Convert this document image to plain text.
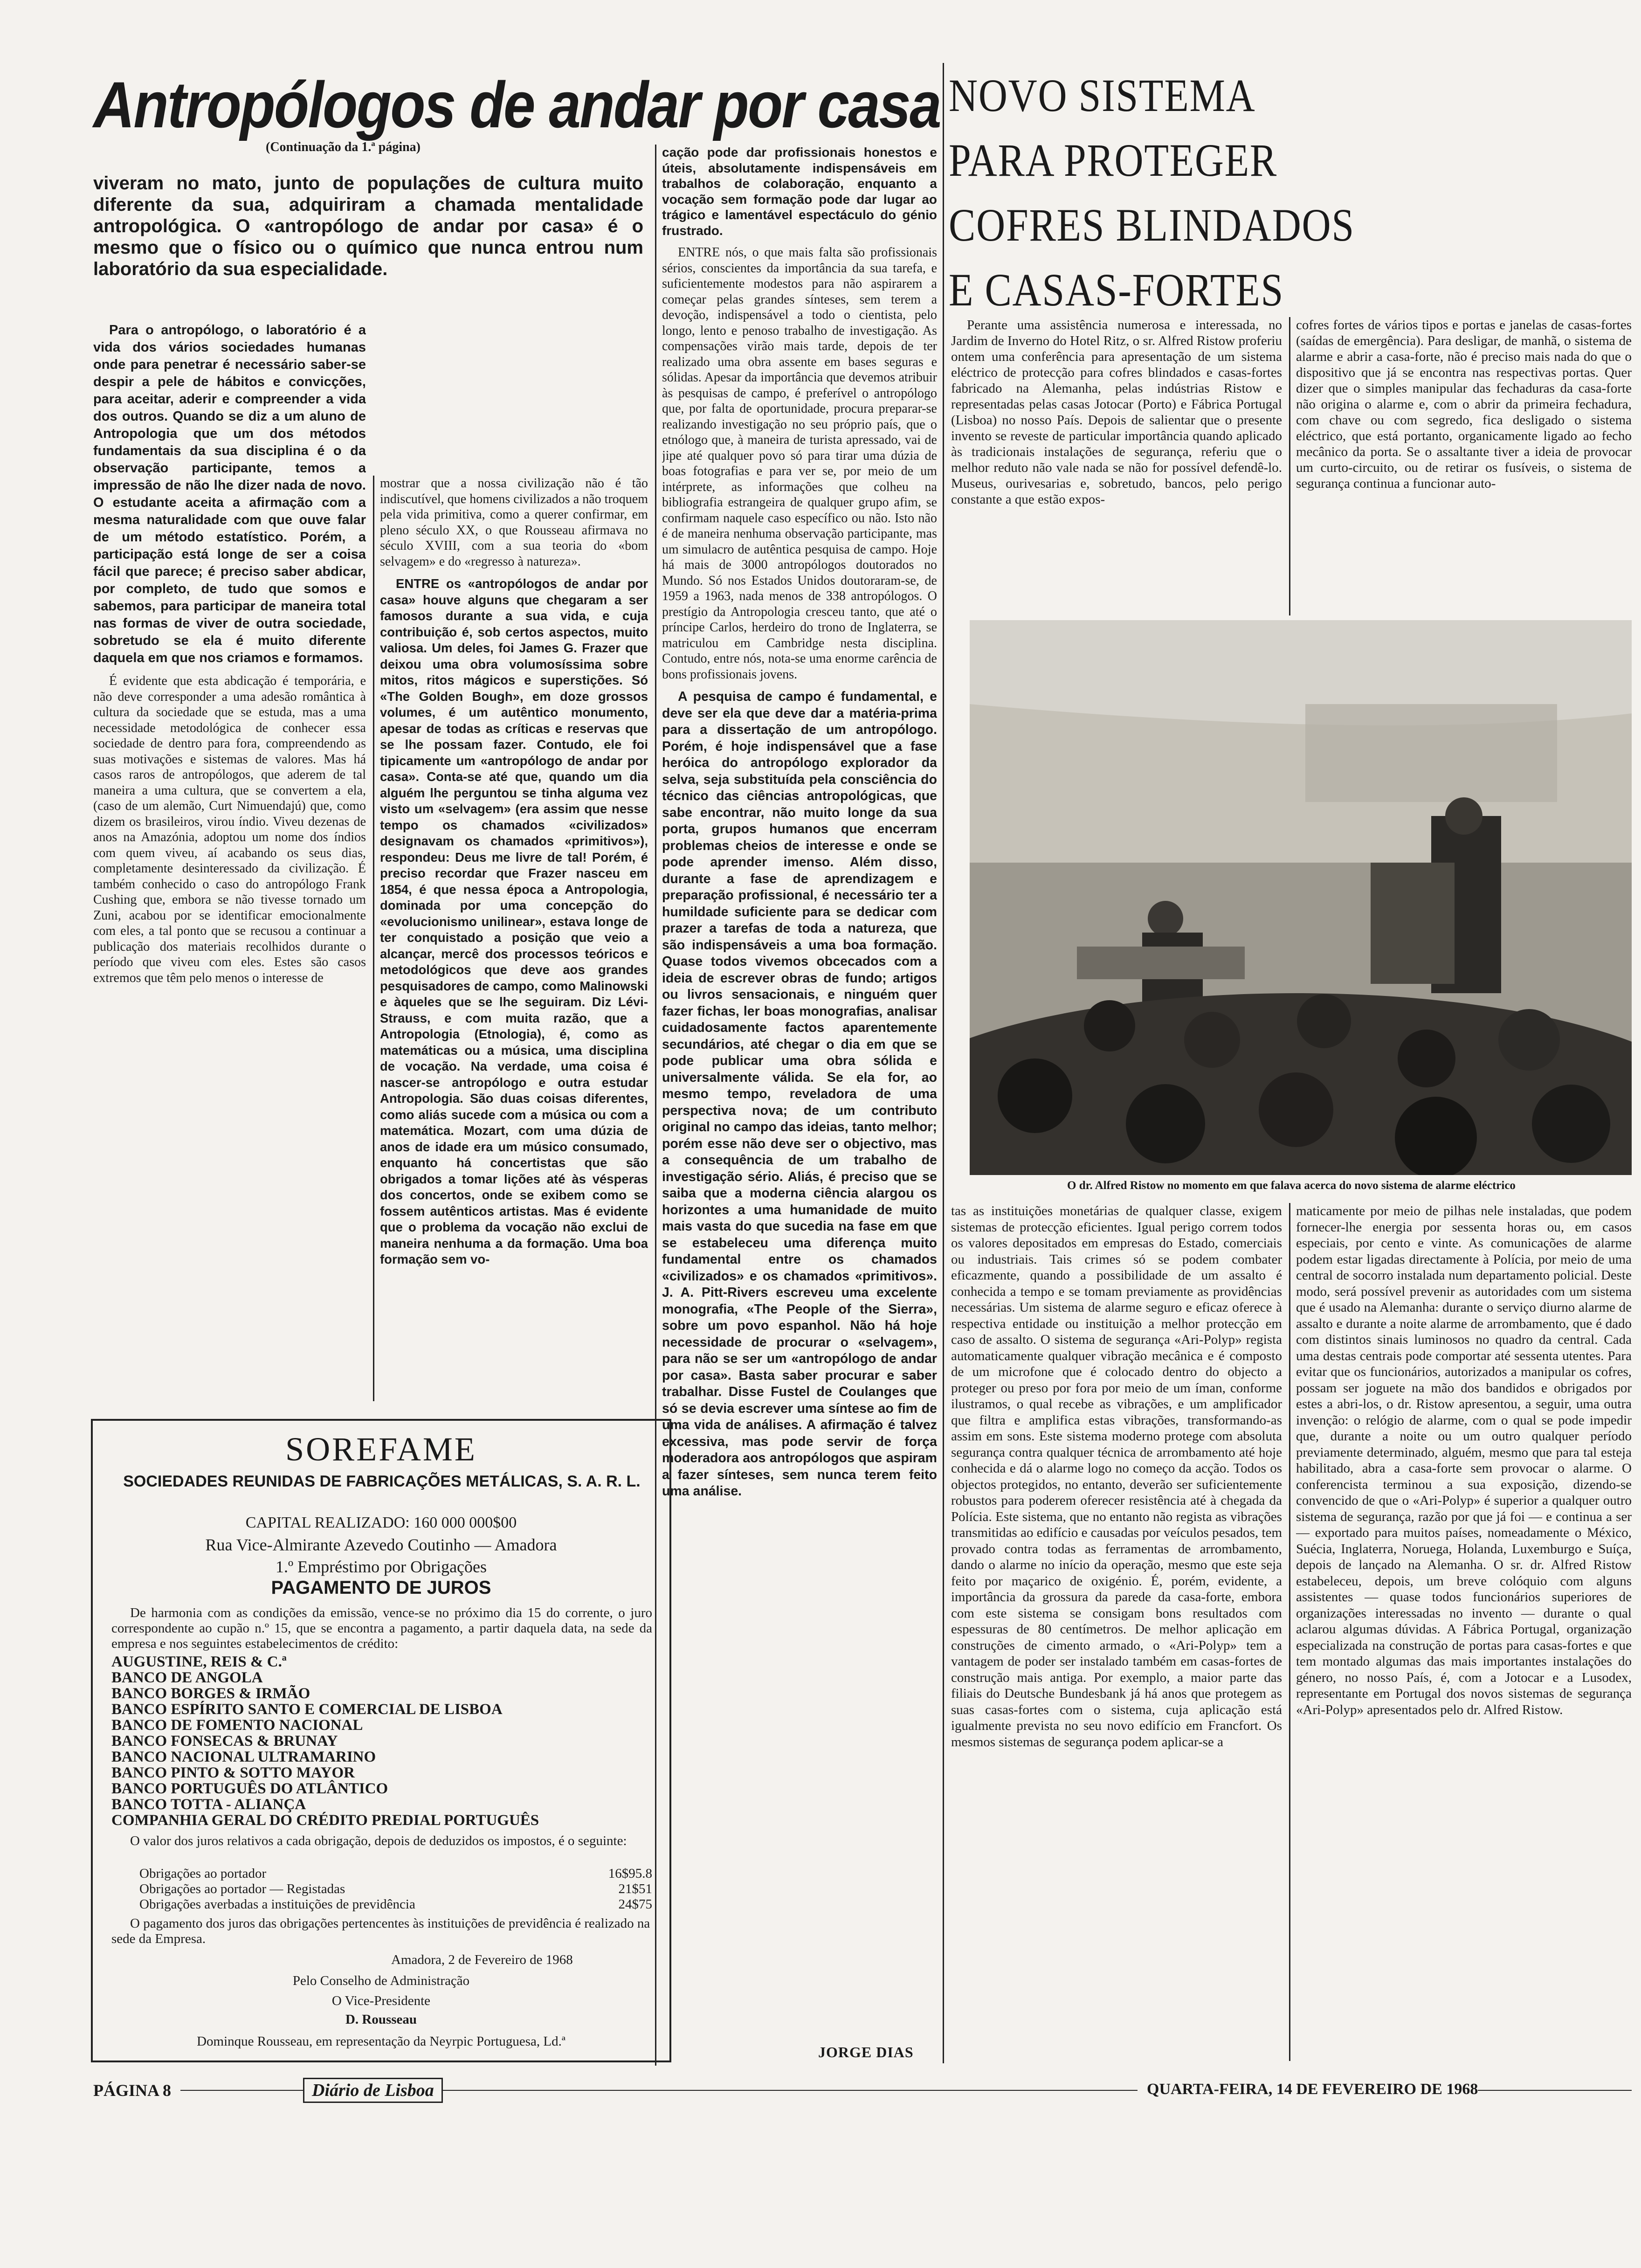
Antropólogos de andar por casa
(Continuação da 1.ª página)
viveram no mato, junto de populações de cultura muito diferente da sua, adquiriram a chamada mentalidade antropológica. O «antropólogo de andar por casa» é o mesmo que o físico ou o químico que nunca entrou num laboratório da sua especialidade.

Para o antropólogo, o laboratório é a vida dos vários sociedades humanas onde para penetrar é necessário saber-se despir a pele de hábitos e convicções, para aceitar, aderir e compreender a vida dos outros. Quando se diz a um aluno de Antropologia que um dos métodos fundamentais da sua disciplina é o da observação participante, temos a impressão de não lhe dizer nada de novo. O estudante aceita a afirmação com a mesma naturalidade com que ouve falar de um método estatístico. Porém, a participação está longe de ser a coisa fácil que parece; é preciso saber abdicar, por completo, de tudo que somos e sabemos, para participar de maneira total nas formas de viver de outra sociedade, sobretudo se ela é muito diferente daquela em que nos criamos e formamos.

É evidente que esta abdicação é temporária, e não deve corresponder a uma adesão romântica à cultura da sociedade que se estuda, mas a uma necessidade metodológica de conhecer essa sociedade de dentro para fora, compreendendo as suas motivações e sistemas de valores. Mas há casos raros de antropólogos, que aderem de tal maneira a uma cultura, que se convertem a ela, (caso de um alemão, Curt Nimuendajú) que, como dizem os brasileiros, virou índio. Viveu dezenas de anos na Amazónia, adoptou um nome dos índios com quem viveu, aí acabando os seus dias, completamente desinteressado da civilização. É também conhecido o caso do antropólogo Frank Cushing que, embora se não tivesse tornado um Zuni, acabou por se identificar emocionalmente com eles, a tal ponto que se recusou a continuar a publicação dos materiais recolhidos durante o período que viveu com eles. Estes são casos extremos que têm pelo menos o interesse de

mostrar que a nossa civilização não é tão indiscutível, que homens civilizados a não troquem pela vida primitiva, como a querer confirmar, em pleno século XX, o que Rousseau afirmava no século XVIII, com a sua teoria do «bom selvagem» e do «regresso à natureza».

ENTRE os «antropólogos de andar por casa» houve alguns que chegaram a ser famosos durante a sua vida, e cuja contribuição é, sob certos aspectos, muito valiosa. Um deles, foi James G. Frazer que deixou uma obra volumosíssima sobre mitos, ritos mágicos e superstições. Só «The Golden Bough», em doze grossos volumes, é um autêntico monumento, apesar de todas as críticas e reservas que se lhe possam fazer. Contudo, ele foi tipicamente um «antropólogo de andar por casa». Conta-se até que, quando um dia alguém lhe perguntou se tinha alguma vez visto um «selvagem» (era assim que nesse tempo os chamados «civilizados» designavam os chamados «primitivos»), respondeu: Deus me livre de tal! Porém, é preciso recordar que Frazer nasceu em 1854, é que nessa época a Antropologia, dominada por uma concepção do «evolucionismo unilinear», estava longe de ter conquistado a posição que veio a alcançar, mercê dos processos teóricos e metodológicos que deve aos grandes pesquisadores de campo, como Malinowski e àqueles que se lhe seguiram. Diz Lévi-Strauss, e com muita razão, que a Antropologia (Etnologia), é, como as matemáticas ou a música, uma disciplina de vocação. Na verdade, uma coisa é nascer-se antropólogo e outra estudar Antropologia. São duas coisas diferentes, como aliás sucede com a música ou com a matemática. Mozart, com uma dúzia de anos de idade era um músico consumado, enquanto há concertistas que são obrigados a tomar lições até às vésperas dos concertos, onde se exibem como se fossem autênticos artistas. Mas é evidente que o problema da vocação não exclui de maneira nenhuma a da formação. Uma boa formação sem vo-

cação pode dar profissionais honestos e úteis, absolutamente indispensáveis em trabalhos de colaboração, enquanto a vocação sem formação pode dar lugar ao trágico e lamentável espectáculo do génio frustrado.

ENTRE nós, o que mais falta são profissionais sérios, conscientes da importância da sua tarefa, e suficientemente modestos para não aspirarem a começar pelas grandes sínteses, sem terem a devoção, indispensável a todo o cientista, pelo longo, lento e penoso trabalho de investigação. As compensações virão mais tarde, depois de ter realizado uma obra assente em bases seguras e sólidas. Apesar da importância que devemos atribuir às pesquisas de campo, é preferível o antropólogo que, por falta de oportunidade, procura preparar-se realizando investigação no seu próprio país, que o etnólogo que, à maneira de turista apressado, vai de jipe até qualquer povo só para tirar uma dúzia de boas fotografias e para ver se, por meio de um intérprete, as informações que colheu na bibliografia estrangeira de qualquer grupo afim, se confirmam naquele caso específico ou não. Isto não é de maneira nenhuma observação participante, mas um simulacro de autêntica pesquisa de campo. Hoje há mais de 3000 antropólogos doutorados no Mundo. Só nos Estados Unidos doutoraram-se, de 1959 a 1963, nada menos de 338 antropólogos. O prestígio da Antropologia cresceu tanto, que até o príncipe Carlos, herdeiro do trono de Inglaterra, se matriculou em Cambridge nesta disciplina. Contudo, entre nós, nota-se uma enorme carência de bons profissionais jovens.

A pesquisa de campo é fundamental, e deve ser ela que deve dar a matéria-prima para a dissertação de um antropólogo. Porém, é hoje indispensável que a fase heróica do antropólogo explorador da selva, seja substituída pela consciência do técnico das ciências antropológicas, que sabe encontrar, não muito longe da sua porta, grupos humanos que encerram problemas cheios de interesse e onde se pode aprender imenso. Além disso, durante a fase de aprendizagem e preparação profissional, é necessário ter a humildade suficiente para se dedicar com prazer a tarefas de toda a natureza, que são indispensáveis a uma boa formação. Quase todos vivemos obcecados com a ideia de escrever obras de fundo; artigos ou livros sensacionais, e ninguém quer fazer fichas, ler boas monografias, analisar cuidadosamente factos aparentemente secundários, até chegar o dia em que se pode publicar uma obra sólida e universalmente válida. Se ela for, ao mesmo tempo, reveladora de uma perspectiva nova; de um contributo original no campo das ideias, tanto melhor; porém esse não deve ser o objectivo, mas a consequência de um trabalho de investigação sério. Aliás, é preciso que se saiba que a moderna ciência alargou os horizontes a uma humanidade de muito mais vasta do que sucedia na fase em que se estabeleceu uma diferença muito fundamental entre os chamados «civilizados» e os chamados «primitivos». J. A. Pitt-Rivers escreveu uma excelente monografia, «The People of the Sierra», sobre um povo espanhol. Não há hoje necessidade de procurar o «selvagem», para não se ser um «antropólogo de andar por casa». Basta saber procurar e saber trabalhar. Disse Fustel de Coulanges que só se devia escrever uma síntese ao fim de uma vida de análises. A afirmação é talvez excessiva, mas pode servir de força moderadora aos antropólogos que aspiram a fazer sínteses, sem nunca terem feito uma análise.

JORGE DIAS
SOREFAME
SOCIEDADES REUNIDAS DE FABRICAÇÕES METÁLICAS, S. A. R. L.
CAPITAL REALIZADO: 160 000 000$00
Rua Vice-Almirante Azevedo Coutinho — Amadora
1.º Empréstimo por Obrigações
PAGAMENTO DE JUROS
De harmonia com as condições da emissão, vence-se no próximo dia 15 do corrente, o juro correspondente ao cupão n.º 15, que se encontra a pagamento, a partir daquela data, na sede da empresa e nos seguintes estabelecimentos de crédito:
AUGUSTINE, REIS & C.ª
BANCO DE ANGOLA
BANCO BORGES & IRMÃO
BANCO ESPÍRITO SANTO E COMERCIAL DE LISBOA
BANCO DE FOMENTO NACIONAL
BANCO FONSECAS & BRUNAY
BANCO NACIONAL ULTRAMARINO
BANCO PINTO & SOTTO MAYOR
BANCO PORTUGUÊS DO ATLÂNTICO
BANCO TOTTA - ALIANÇA
COMPANHIA GERAL DO CRÉDITO PREDIAL PORTUGUÊS
O valor dos juros relativos a cada obrigação, depois de deduzidos os impostos, é o seguinte:
Obrigações ao portador	16$95.8
Obrigações ao portador — Registadas	21$51
Obrigações averbadas a instituições de previdência	24$75
O pagamento dos juros das obrigações pertencentes às instituições de previdência é realizado na sede da Empresa.
Amadora, 2 de Fevereiro de 1968
Pelo Conselho de Administração
O Vice-Presidente
D. Rousseau
Dominque Rousseau, em representação da Neyrpic Portuguesa, Ld.ª
NOVO SISTEMA
PARA PROTEGER
COFRES BLINDADOS
E CASAS-FORTES

Perante uma assistência numerosa e interessada, no Jardim de Inverno do Hotel Ritz, o sr. Alfred Ristow proferiu ontem uma conferência para apresentação de um sistema eléctrico de protecção para cofres blindados e casas-fortes fabricado na Alemanha, pelas indústrias Ristow e representadas pelas casas Jotocar (Porto) e Fábrica Portugal (Lisboa) no nosso País. Depois de salientar que o presente invento se reveste de particular importância quando aplicado às tradicionais instalações de segurança, referiu que o melhor reduto não vale nada se não for possível defendê-lo. Museus, ourivesarias e, sobretudo, bancos, pelo perigo constante a que estão expos-

cofres fortes de vários tipos e portas e janelas de casas-fortes (saídas de emergência). Para desligar, de manhã, o sistema de alarme e abrir a casa-forte, não é preciso mais nada do que o dispositivo que já se encontra nas respectivas portas. Quer dizer que o simples manipular das fechaduras da casa-forte não origina o alarme e, com o abrir da primeira fechadura, com chave ou com segredo, fica desligado o sistema eléctrico, que está portanto, organicamente ligado ao fecho mecânico da porta. Se o assaltante tiver a ideia de provocar um curto-circuito, ou de retirar os fusíveis, o sistema de segurança continua a funcionar auto-

O dr. Alfred Ristow no momento em que falava acerca do novo sistema de alarme eléctrico

tas as instituições monetárias de qualquer classe, exigem sistemas de protecção eficientes. Igual perigo correm todos os valores depositados em empresas do Estado, comerciais ou industriais. Tais crimes só se podem combater eficazmente, quando a possibilidade de um assalto é conhecida a tempo e se tomam previamente as providências necessárias. Um sistema de alarme seguro e eficaz oferece à respectiva entidade ou instituição a melhor protecção em caso de assalto. O sistema de segurança «Ari-Polyp» regista automaticamente qualquer vibração mecânica e é composto de um microfone que é colocado dentro do objecto a proteger ou preso por fora por meio de um íman, conforme ilustramos, o qual recebe as vibrações, e um amplificador que filtra e amplifica estas vibrações, transformando-as assim em sons. Este sistema moderno protege com absoluta segurança contra qualquer técnica de arrombamento até hoje conhecida e dá o alarme logo no começo da acção. Todos os objectos protegidos, no entanto, deverão ser suficientemente robustos para poderem oferecer resistência até à chegada da Polícia. Este sistema, que no entanto não regista as vibrações transmitidas ao edifício e causadas por veículos pesados, tem provado contra todas as ferramentas de arrombamento, dando o alarme no início da operação, mesmo que este seja feito por maçarico de oxigénio. É, porém, evidente, a importância da grossura da parede da casa-forte, embora com este sistema se consigam bons resultados com espessuras de 80 centímetros. De melhor aplicação em construções de cimento armado, o «Ari-Polyp» tem a vantagem de poder ser instalado também em casas-fortes de construção mais antiga. Por exemplo, a maior parte das filiais do Deutsche Bundesbank já há anos que protegem as suas casas-fortes com o sistema, cuja aplicação está igualmente prevista no seu novo edifício em Francfort. Os mesmos sistemas de segurança podem aplicar-se a

maticamente por meio de pilhas nele instaladas, que podem fornecer-lhe energia por sessenta horas ou, em casos especiais, por cento e vinte. As comunicações de alarme podem estar ligadas directamente à Polícia, por meio de uma central de socorro instalada num departamento policial. Deste modo, será possível prevenir as autoridades com um sistema que é usado na Alemanha: durante o serviço diurno alarme de assalto e durante a noite alarme de arrombamento, que é dado com distintos sinais luminosos no quadro da central. Cada uma destas centrais pode comportar até sessenta utentes. Para evitar que os funcionários, autorizados a manipular os cofres, possam ser joguete na mão dos bandidos e obrigados por estes a abri-los, o dr. Ristow apresentou, a seguir, uma outra invenção: o relógio de alarme, com o qual se pode impedir que, durante a noite ou um outro qualquer período previamente determinado, alguém, mesmo que para tal esteja habilitado, abra a casa-forte sem provocar o alarme. O conferencista terminou a sua exposição, dizendo-se convencido de que o «Ari-Polyp» é superior a qualquer outro sistema de segurança, razão por que já foi — e continua a ser — exportado para muitos países, nomeadamente o México, Suécia, Inglaterra, Noruega, Holanda, Luxemburgo e Suíça, depois de lançado na Alemanha. O sr. dr. Alfred Ristow estabeleceu, depois, um breve colóquio com alguns assistentes — quase todos funcionários superiores de organizações interessadas no invento — durante o qual aclarou algumas dúvidas. A Fábrica Portugal, organização especializada na construção de portas para casas-fortes e que tem montado algumas das mais importantes instalações do género, no nosso País, é, com a Jotocar e a Lusodex, representante em Portugal dos novos sistemas de segurança «Ari-Polyp» apresentados pelo dr. Alfred Ristow.

PÁGINA 8	Diário de Lisboa	QUARTA-FEIRA, 14 DE FEVEREIRO DE 1968
